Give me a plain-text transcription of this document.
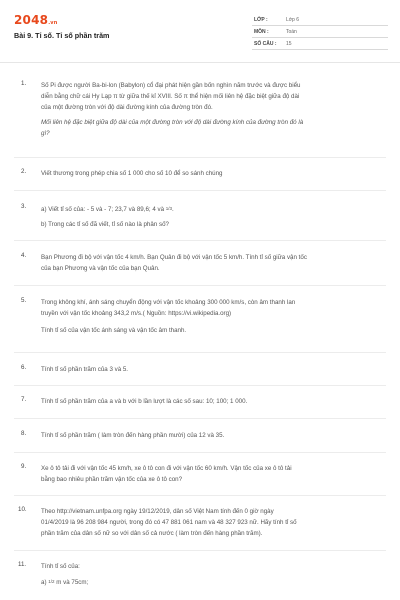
2048.vn
Bài 9. Tỉ số. Tỉ số phần trăm
LỚP :	Lớp 6
MÔN :	Toán
SỐ CÂU : 15
1. Số Pi được người Ba-bi-lon (Babylon) cổ đại phát hiện gần bốn nghìn năm trước và được biểu

diễn bằng chữ cái Hy Lạp π từ giữa thế kỉ XVIII. Số π thể hiện mối liên hệ đặc biệt giữa độ dài

của một đường tròn với độ dài đường kính của đường tròn đó.

Mối liên hệ đặc biệt giữa độ dài của một đường tròn với độ dài đường kính của đường tròn đó là

gì?

2. Viết thương trong phép chia số 1 000 cho số 10 để so sánh chúng

3. a) Viết tỉ số của: - 5 và - 7; 23,7 và 89,6; 4 và 1/3.

b) Trong các tỉ số đã viết, tỉ số nào là phân số?

4. Bạn Phương đi bộ với vận tốc 4 km/h. Bạn Quân đi bộ với vận tốc 5 km/h. Tính tỉ số giữa vận tốc

của bạn Phương và vận tốc của bạn Quân.

5. Trong không khí, ánh sáng chuyển động với vận tốc khoảng 300 000 km/s, còn âm thanh lan

truyền với vận tốc khoảng 343,2 m/s.( Nguồn: https://vi.wikipedia.org)

Tính tỉ số của vận tốc ánh sáng và vận tốc âm thanh.

6. Tính tỉ số phần trăm của 3 và 5.

7. Tính tỉ số phần trăm của a và b với b lần lượt là các số sau: 10; 100; 1 000.

8. Tính tỉ số phần trăm ( làm tròn đến hàng phần mười) của 12 và 35.

9. Xe ô tô tải đi với vận tốc 45 km/h, xe ô tô con đi với vận tốc 60 km/h. Vận tốc của xe ô tô tải

bằng bao nhiêu phần trăm vận tốc của xe ô tô con?

10. Theo http://vietnam.unfpa.org ngày 19/12/2019, dân số Việt Nam tính đến 0 giờ ngày

01/4/2019 là 96 208 984 người, trong đó có 47 881 061 nam và 48 327 923 nữ. Hãy tính tỉ số

phần trăm của dân số nữ so với dân số cả nước ( làm tròn đến hàng phần trăm).

11. Tính tỉ số của:

a) 1/2 m và 75cm;
